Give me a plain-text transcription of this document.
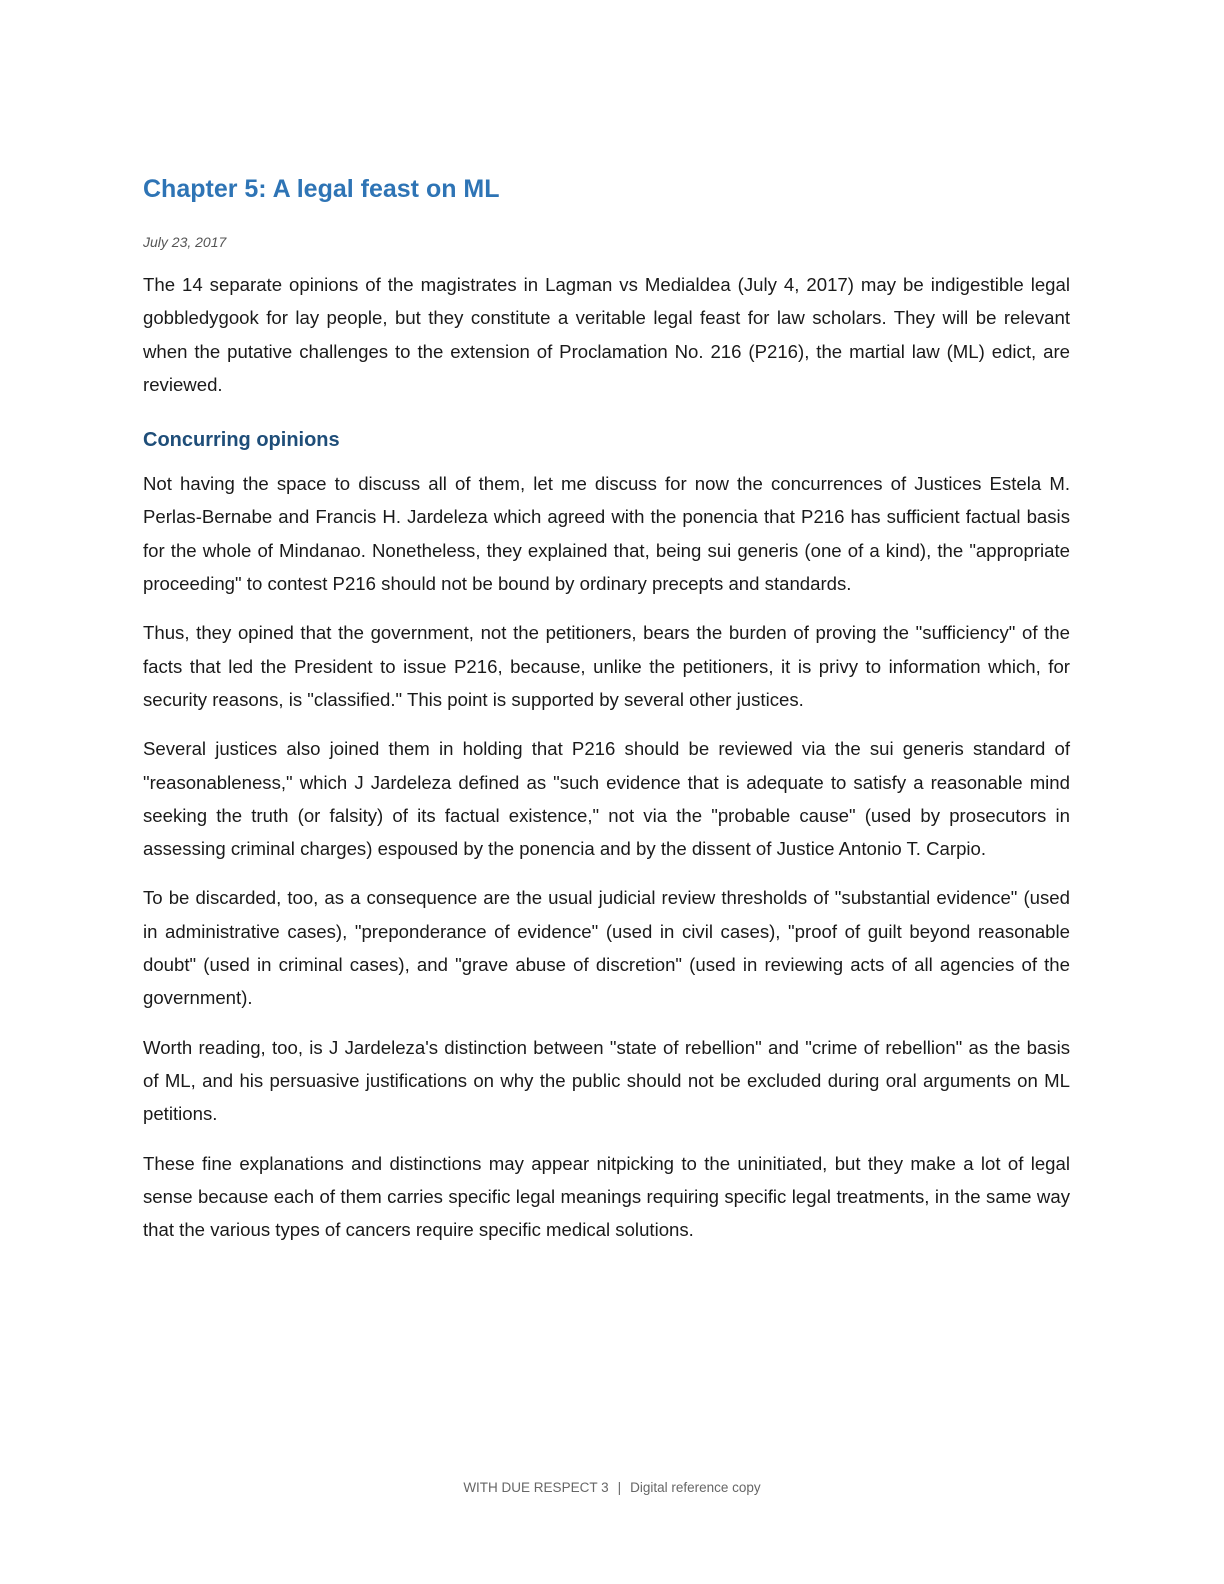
Chapter 5: A legal feast on ML

July 23, 2017

The 14 separate opinions of the magistrates in Lagman vs Medialdea (July 4, 2017) may be indigestible legal gobbledygook for lay people, but they constitute a veritable legal feast for law scholars. They will be relevant when the putative challenges to the extension of Proclamation No. 216 (P216), the martial law (ML) edict, are reviewed.

Concurring opinions

Not having the space to discuss all of them, let me discuss for now the concurrences of Justices Estela M. Perlas-Bernabe and Francis H. Jardeleza which agreed with the ponencia that P216 has sufficient factual basis for the whole of Mindanao. Nonetheless, they explained that, being sui generis (one of a kind), the "appropriate proceeding" to contest P216 should not be bound by ordinary precepts and standards.

Thus, they opined that the government, not the petitioners, bears the burden of proving the "sufficiency" of the facts that led the President to issue P216, because, unlike the petitioners, it is privy to information which, for security reasons, is "classified." This point is supported by several other justices.

Several justices also joined them in holding that P216 should be reviewed via the sui generis standard of "reasonableness," which J Jardeleza defined as "such evidence that is adequate to satisfy a reasonable mind seeking the truth (or falsity) of its factual existence," not via the "probable cause" (used by prosecutors in assessing criminal charges) espoused by the ponencia and by the dissent of Justice Antonio T. Carpio.

To be discarded, too, as a consequence are the usual judicial review thresholds of "substantial evidence" (used in administrative cases), "preponderance of evidence" (used in civil cases), "proof of guilt beyond reasonable doubt" (used in criminal cases), and "grave abuse of discretion" (used in reviewing acts of all agencies of the government).

Worth reading, too, is J Jardeleza's distinction between "state of rebellion" and "crime of rebellion" as the basis of ML, and his persuasive justifications on why the public should not be excluded during oral arguments on ML petitions.

These fine explanations and distinctions may appear nitpicking to the uninitiated, but they make a lot of legal sense because each of them carries specific legal meanings requiring specific legal treatments, in the same way that the various types of cancers require specific medical solutions.

WITH DUE RESPECT 3 | Digital reference copy
